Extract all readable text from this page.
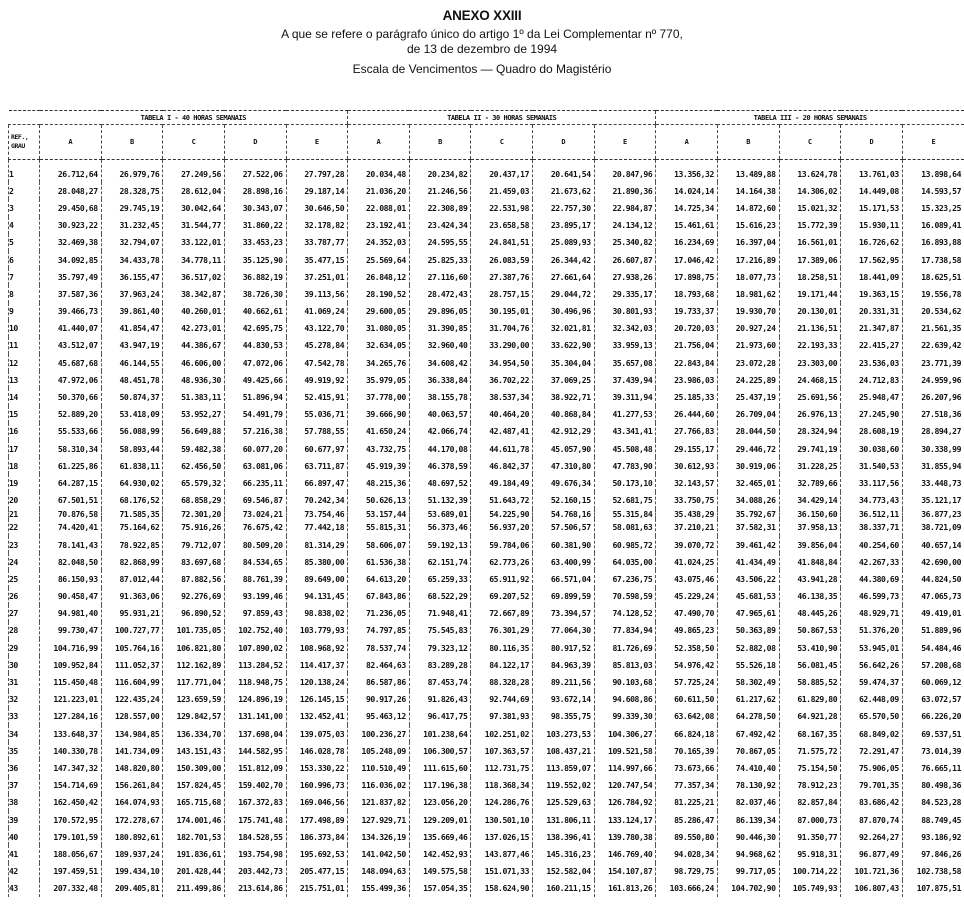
ANEXO XXIII
A que se refere o parágrafo único do artigo 1º da Lei Complementar nº 770,
de 13 de dezembro de 1994
Escala de Vencimentos — Quadro do Magistério
	TABELA I - 40 HORAS SEMANAIS					TABELA II - 30 HORAS SEMANAIS					TABELA III - 20 HORAS SEMANAIS				
REF.,
GRAU	A	B	C	D	E	A	B	C	D	E	A	B	C	D	E
1	26.712,64	26.979,76	27.249,56	27.522,06	27.797,28	20.034,48	20.234,82	20.437,17	20.641,54	20.847,96	13.356,32	13.489,88	13.624,78	13.761,03	13.898,64
2	28.048,27	28.328,75	28.612,04	28.898,16	29.187,14	21.036,20	21.246,56	21.459,03	21.673,62	21.890,36	14.024,14	14.164,38	14.306,02	14.449,08	14.593,57
3	29.450,68	29.745,19	30.042,64	30.343,07	30.646,50	22.088,01	22.308,89	22.531,98	22.757,30	22.984,87	14.725,34	14.872,60	15.021,32	15.171,53	15.323,25
4	30.923,22	31.232,45	31.544,77	31.860,22	32.178,82	23.192,41	23.424,34	23.658,58	23.895,17	24.134,12	15.461,61	15.616,23	15.772,39	15.930,11	16.089,41
5	32.469,38	32.794,07	33.122,01	33.453,23	33.787,77	24.352,03	24.595,55	24.841,51	25.089,93	25.340,82	16.234,69	16.397,04	16.561,01	16.726,62	16.893,88
6	34.092,85	34.433,78	34.778,11	35.125,90	35.477,15	25.569,64	25.825,33	26.083,59	26.344,42	26.607,87	17.046,42	17.216,89	17.389,06	17.562,95	17.738,58
7	35.797,49	36.155,47	36.517,02	36.882,19	37.251,01	26.848,12	27.116,60	27.387,76	27.661,64	27.938,26	17.898,75	18.077,73	18.258,51	18.441,09	18.625,51
8	37.587,36	37.963,24	38.342,87	38.726,30	39.113,56	28.190,52	28.472,43	28.757,15	29.044,72	29.335,17	18.793,68	18.981,62	19.171,44	19.363,15	19.556,78
9	39.466,73	39.861,40	40.260,01	40.662,61	41.069,24	29.600,05	29.896,05	30.195,01	30.496,96	30.801,93	19.733,37	19.930,70	20.130,01	20.331,31	20.534,62
10	41.440,07	41.854,47	42.273,01	42.695,75	43.122,70	31.080,05	31.390,85	31.704,76	32.021,81	32.342,03	20.720,03	20.927,24	21.136,51	21.347,87	21.561,35
11	43.512,07	43.947,19	44.386,67	44.830,53	45.278,84	32.634,05	32.960,40	33.290,00	33.622,90	33.959,13	21.756,04	21.973,60	22.193,33	22.415,27	22.639,42
12	45.687,68	46.144,55	46.606,00	47.072,06	47.542,78	34.265,76	34.608,42	34.954,50	35.304,04	35.657,08	22.843,84	23.072,28	23.303,00	23.536,03	23.771,39
13	47.972,06	48.451,78	48.936,30	49.425,66	49.919,92	35.979,05	36.338,84	36.702,22	37.069,25	37.439,94	23.986,03	24.225,89	24.468,15	24.712,83	24.959,96
14	50.370,66	50.874,37	51.383,11	51.896,94	52.415,91	37.778,00	38.155,78	38.537,34	38.922,71	39.311,94	25.185,33	25.437,19	25.691,56	25.948,47	26.207,96
15	52.889,20	53.418,09	53.952,27	54.491,79	55.036,71	39.666,90	40.063,57	40.464,20	40.868,84	41.277,53	26.444,60	26.709,04	26.976,13	27.245,90	27.518,36
16	55.533,66	56.088,99	56.649,88	57.216,38	57.788,55	41.650,24	42.066,74	42.487,41	42.912,29	43.341,41	27.766,83	28.044,50	28.324,94	28.608,19	28.894,27
17	58.310,34	58.893,44	59.482,38	60.077,20	60.677,97	43.732,75	44.170,08	44.611,78	45.057,90	45.508,48	29.155,17	29.446,72	29.741,19	30.038,60	30.338,99
18	61.225,86	61.838,11	62.456,50	63.081,06	63.711,87	45.919,39	46.378,59	46.842,37	47.310,80	47.783,90	30.612,93	30.919,06	31.228,25	31.540,53	31.855,94
19	64.287,15	64.930,02	65.579,32	66.235,11	66.897,47	48.215,36	48.697,52	49.184,49	49.676,34	50.173,10	32.143,57	32.465,01	32.789,66	33.117,56	33.448,73
20	67.501,51	68.176,52	68.858,29	69.546,87	70.242,34	50.626,13	51.132,39	51.643,72	52.160,15	52.681,75	33.750,75	34.088,26	34.429,14	34.773,43	35.121,17
21	70.876,58	71.585,35	72.301,20	73.024,21	73.754,46	53.157,44	53.689,01	54.225,90	54.768,16	55.315,84	35.438,29	35.792,67	36.150,60	36.512,11	36.877,23
22	74.420,41	75.164,62	75.916,26	76.675,42	77.442,18	55.815,31	56.373,46	56.937,20	57.506,57	58.081,63	37.210,21	37.582,31	37.958,13	38.337,71	38.721,09
23	78.141,43	78.922,85	79.712,07	80.509,20	81.314,29	58.606,07	59.192,13	59.784,06	60.381,90	60.985,72	39.070,72	39.461,42	39.856,04	40.254,60	40.657,14
24	82.048,50	82.868,99	83.697,68	84.534,65	85.380,00	61.536,38	62.151,74	62.773,26	63.400,99	64.035,00	41.024,25	41.434,49	41.848,84	42.267,33	42.690,00
25	86.150,93	87.012,44	87.882,56	88.761,39	89.649,00	64.613,20	65.259,33	65.911,92	66.571,04	67.236,75	43.075,46	43.506,22	43.941,28	44.380,69	44.824,50
26	90.458,47	91.363,06	92.276,69	93.199,46	94.131,45	67.843,86	68.522,29	69.207,52	69.899,59	70.598,59	45.229,24	45.681,53	46.138,35	46.599,73	47.065,73
27	94.981,40	95.931,21	96.890,52	97.859,43	98.838,02	71.236,05	71.948,41	72.667,89	73.394,57	74.128,52	47.490,70	47.965,61	48.445,26	48.929,71	49.419,01
28	99.730,47	100.727,77	101.735,05	102.752,40	103.779,93	74.797,85	75.545,83	76.301,29	77.064,30	77.834,94	49.865,23	50.363,89	50.867,53	51.376,20	51.889,96
29	104.716,99	105.764,16	106.821,80	107.890,02	108.968,92	78.537,74	79.323,12	80.116,35	80.917,52	81.726,69	52.358,50	52.882,08	53.410,90	53.945,01	54.484,46
30	109.952,84	111.052,37	112.162,89	113.284,52	114.417,37	82.464,63	83.289,28	84.122,17	84.963,39	85.813,03	54.976,42	55.526,18	56.081,45	56.642,26	57.208,68
31	115.450,48	116.604,99	117.771,04	118.948,75	120.138,24	86.587,86	87.453,74	88.328,28	89.211,56	90.103,68	57.725,24	58.302,49	58.885,52	59.474,37	60.069,12
32	121.223,01	122.435,24	123.659,59	124.896,19	126.145,15	90.917,26	91.826,43	92.744,69	93.672,14	94.608,86	60.611,50	61.217,62	61.829,80	62.448,09	63.072,57
33	127.284,16	128.557,00	129.842,57	131.141,00	132.452,41	95.463,12	96.417,75	97.381,93	98.355,75	99.339,30	63.642,08	64.278,50	64.921,28	65.570,50	66.226,20
34	133.648,37	134.984,85	136.334,70	137.698,04	139.075,03	100.236,27	101.238,64	102.251,02	103.273,53	104.306,27	66.824,18	67.492,42	68.167,35	68.849,02	69.537,51
35	140.330,78	141.734,09	143.151,43	144.582,95	146.028,78	105.248,09	106.300,57	107.363,57	108.437,21	109.521,58	70.165,39	70.867,05	71.575,72	72.291,47	73.014,39
36	147.347,32	148.820,80	150.309,00	151.812,09	153.330,22	110.510,49	111.615,60	112.731,75	113.859,07	114.997,66	73.673,66	74.410,40	75.154,50	75.906,05	76.665,11
37	154.714,69	156.261,84	157.824,45	159.402,70	160.996,73	116.036,02	117.196,38	118.368,34	119.552,02	120.747,54	77.357,34	78.130,92	78.912,23	79.701,35	80.498,36
38	162.450,42	164.074,93	165.715,68	167.372,83	169.046,56	121.837,82	123.056,20	124.286,76	125.529,63	126.784,92	81.225,21	82.037,46	82.857,84	83.686,42	84.523,28
39	170.572,95	172.278,67	174.001,46	175.741,48	177.498,89	127.929,71	129.209,01	130.501,10	131.806,11	133.124,17	85.286,47	86.139,34	87.000,73	87.870,74	88.749,45
40	179.101,59	180.892,61	182.701,53	184.528,55	186.373,84	134.326,19	135.669,46	137.026,15	138.396,41	139.780,38	89.550,80	90.446,30	91.350,77	92.264,27	93.186,92
41	188.056,67	189.937,24	191.836,61	193.754,98	195.692,53	141.042,50	142.452,93	143.877,46	145.316,23	146.769,40	94.028,34	94.968,62	95.918,31	96.877,49	97.846,26
42	197.459,51	199.434,10	201.428,44	203.442,73	205.477,15	148.094,63	149.575,58	151.071,33	152.582,04	154.107,87	98.729,75	99.717,05	100.714,22	101.721,36	102.738,58
43	207.332,48	209.405,81	211.499,86	213.614,86	215.751,01	155.499,36	157.054,35	158.624,90	160.211,15	161.813,26	103.666,24	104.702,90	105.749,93	106.807,43	107.875,51
